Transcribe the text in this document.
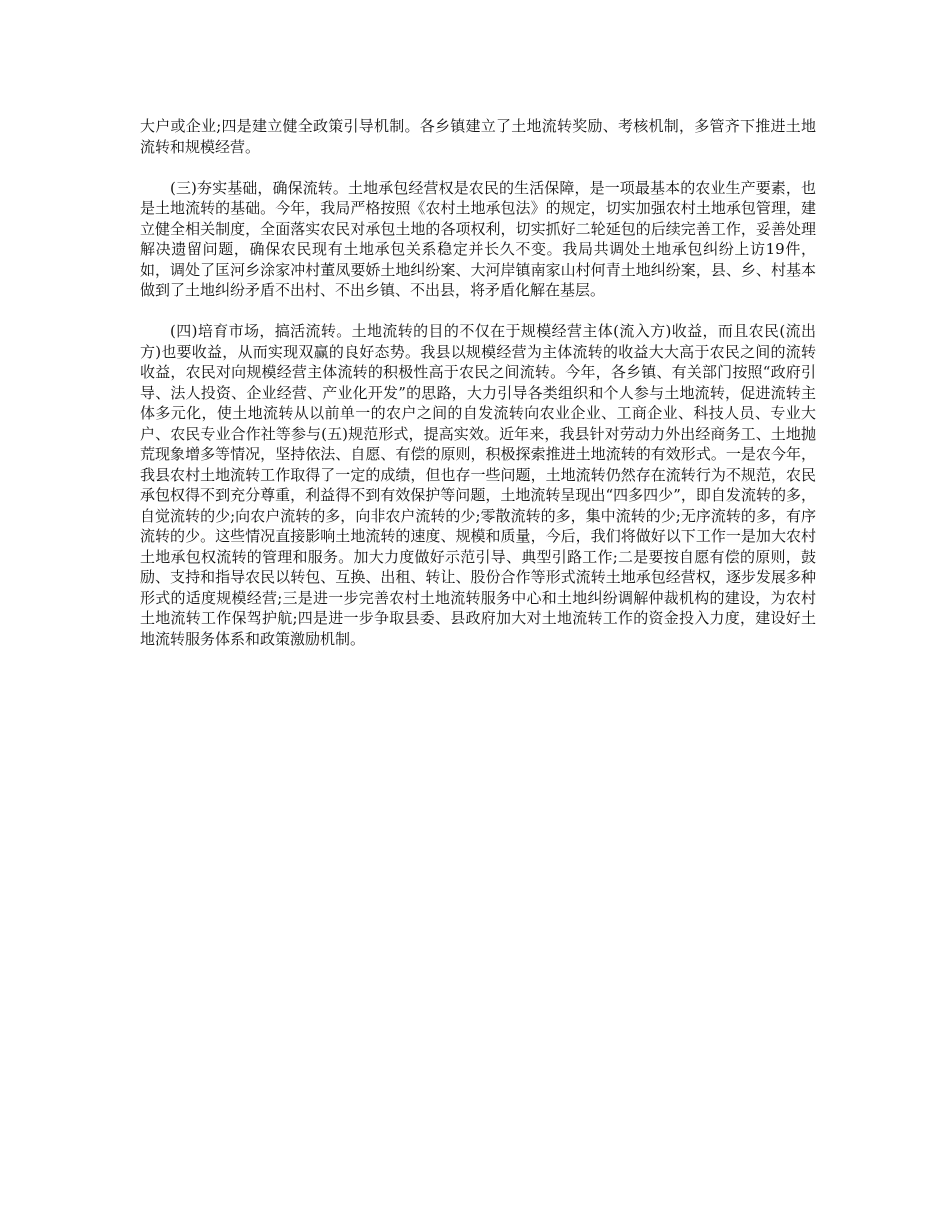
大户或企业;四是建立健全政策引导机制。各乡镇建立了土地流转奖励、考核机制，多管齐下推进土地流转和规模经营。

(三)夯实基础，确保流转。土地承包经营权是农民的生活保障，是一项最基本的农业生产要素，也是土地流转的基础。今年，我局严格按照《农村土地承包法》的规定，切实加强农村土地承包管理，建立健全相关制度，全面落实农民对承包土地的各项权利，切实抓好二轮延包的后续完善工作，妥善处理解决遗留问题，确保农民现有土地承包关系稳定并长久不变。我局共调处土地承包纠纷上访19件，如，调处了匡河乡涂家冲村董凤要娇土地纠纷案、大河岸镇南家山村何青土地纠纷案，县、乡、村基本做到了土地纠纷矛盾不出村、不出乡镇、不出县，将矛盾化解在基层。

(四)培育市场，搞活流转。土地流转的目的不仅在于规模经营主体(流入方)收益，而且农民(流出方)也要收益，从而实现双赢的良好态势。我县以规模经营为主体流转的收益大大高于农民之间的流转收益，农民对向规模经营主体流转的积极性高于农民之间流转。今年，各乡镇、有关部门按照“政府引导、法人投资、企业经营、产业化开发”的思路，大力引导各类组织和个人参与土地流转，促进流转主体多元化，使土地流转从以前单一的农户之间的自发流转向农业企业、工商企业、科技人员、专业大户、农民专业合作社等参与(五)规范形式，提高实效。近年来，我县针对劳动力外出经商务工、土地抛荒现象增多等情况，坚持依法、自愿、有偿的原则，积极探索推进土地流转的有效形式。一是农今年，我县农村土地流转工作取得了一定的成绩，但也存一些问题，土地流转仍然存在流转行为不规范，农民承包权得不到充分尊重，利益得不到有效保护等问题，土地流转呈现出“四多四少”，即自发流转的多，自觉流转的少;向农户流转的多，向非农户流转的少;零散流转的多，集中流转的少;无序流转的多，有序流转的少。这些情况直接影响土地流转的速度、规模和质量，今后，我们将做好以下工作一是加大农村土地承包权流转的管理和服务。加大力度做好示范引导、典型引路工作;二是要按自愿有偿的原则，鼓励、支持和指导农民以转包、互换、出租、转让、股份合作等形式流转土地承包经营权，逐步发展多种形式的适度规模经营;三是进一步完善农村土地流转服务中心和土地纠纷调解仲裁机构的建设，为农村土地流转工作保驾护航;四是进一步争取县委、县政府加大对土地流转工作的资金投入力度，建设好土地流转服务体系和政策激励机制。
